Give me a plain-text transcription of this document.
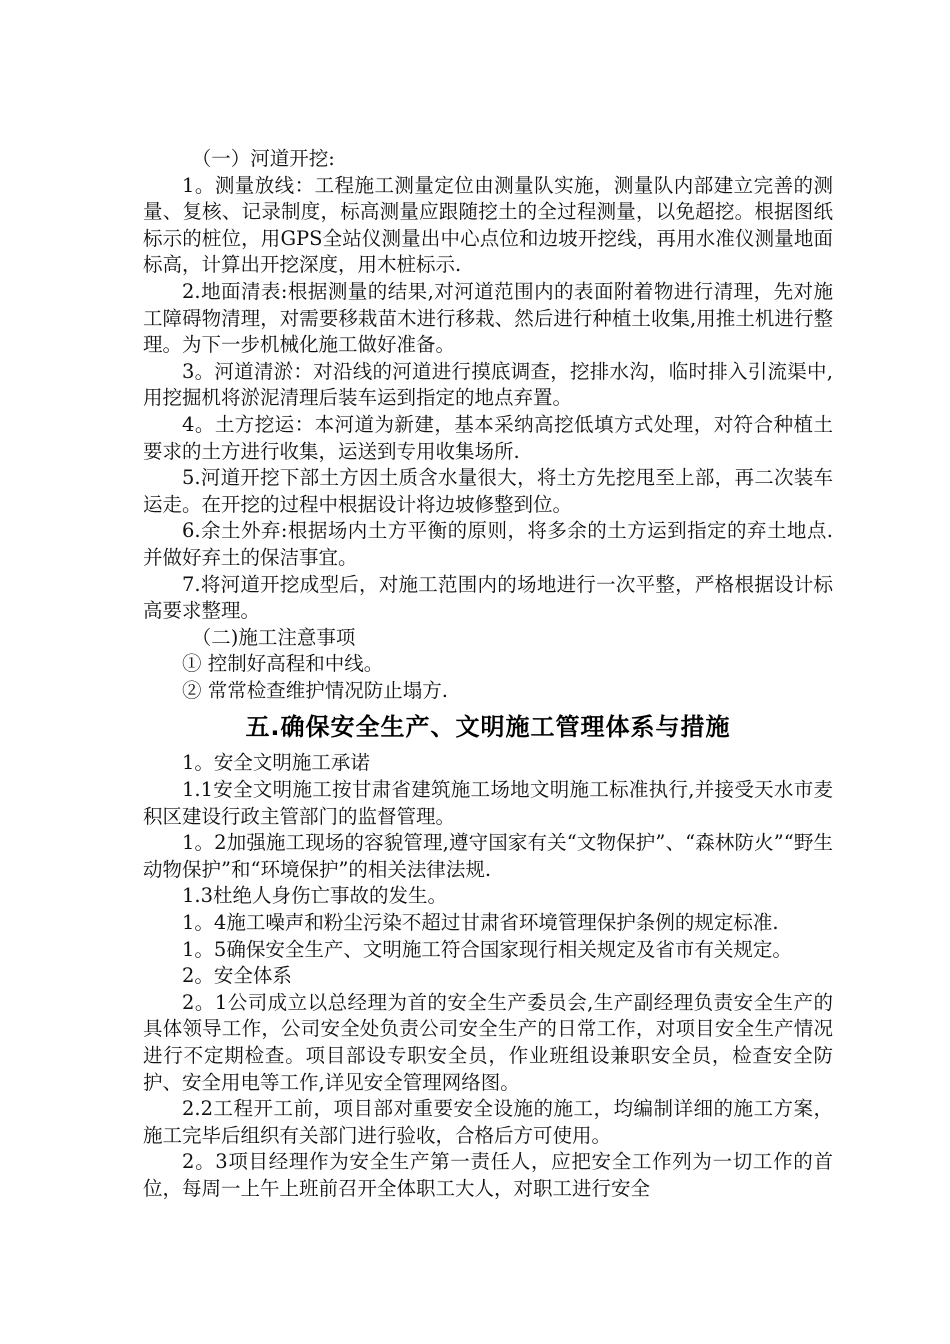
（一）河道开挖:

1。测量放线：工程施工测量定位由测量队实施，测量队内部建立完善的测量、复核、记录制度，标高测量应跟随挖土的全过程测量，以免超挖。根据图纸标示的桩位，用GPS全站仪测量出中心点位和边坡开挖线，再用水准仪测量地面标高，计算出开挖深度，用木桩标示.

2.地面清表:根据测量的结果,对河道范围内的表面附着物进行清理，先对施工障碍物清理，对需要移栽苗木进行移栽、然后进行种植土收集,用推土机进行整理。为下一步机械化施工做好准备。

3。河道清淤：对沿线的河道进行摸底调查，挖排水沟，临时排入引流渠中,用挖掘机将淤泥清理后装车运到指定的地点弃置。

4。土方挖运：本河道为新建，基本采纳高挖低填方式处理，对符合种植土要求的土方进行收集，运送到专用收集场所.

5.河道开挖下部土方因土质含水量很大，将土方先挖甩至上部，再二次装车运走。在开挖的过程中根据设计将边坡修整到位。

6.余土外弃:根据场内土方平衡的原则，将多余的土方运到指定的弃土地点.并做好弃土的保洁事宜。

7.将河道开挖成型后，对施工范围内的场地进行一次平整，严格根据设计标高要求整理。

（二)施工注意事项

① 控制好高程和中线。

② 常常检查维护情况防止塌方.

五.确保安全生产、文明施工管理体系与措施

1。安全文明施工承诺

1.1安全文明施工按甘肃省建筑施工场地文明施工标准执行,并接受天水市麦积区建设行政主管部门的监督管理。

1。2加强施工现场的容貌管理,遵守国家有关“文物保护”、“森林防火”“野生动物保护”和“环境保护”的相关法律法规.

1.3杜绝人身伤亡事故的发生。

1。4施工噪声和粉尘污染不超过甘肃省环境管理保护条例的规定标准.

1。5确保安全生产、文明施工符合国家现行相关规定及省市有关规定。

2。安全体系

2。1公司成立以总经理为首的安全生产委员会,生产副经理负责安全生产的具体领导工作，公司安全处负责公司安全生产的日常工作，对项目安全生产情况进行不定期检查。项目部设专职安全员，作业班组设兼职安全员，检查安全防护、安全用电等工作,详见安全管理网络图。

2.2工程开工前，项目部对重要安全设施的施工，均编制详细的施工方案，施工完毕后组织有关部门进行验收，合格后方可使用。

2。3项目经理作为安全生产第一责任人，应把安全工作列为一切工作的首位，每周一上午上班前召开全体职工大人，对职工进行安全
